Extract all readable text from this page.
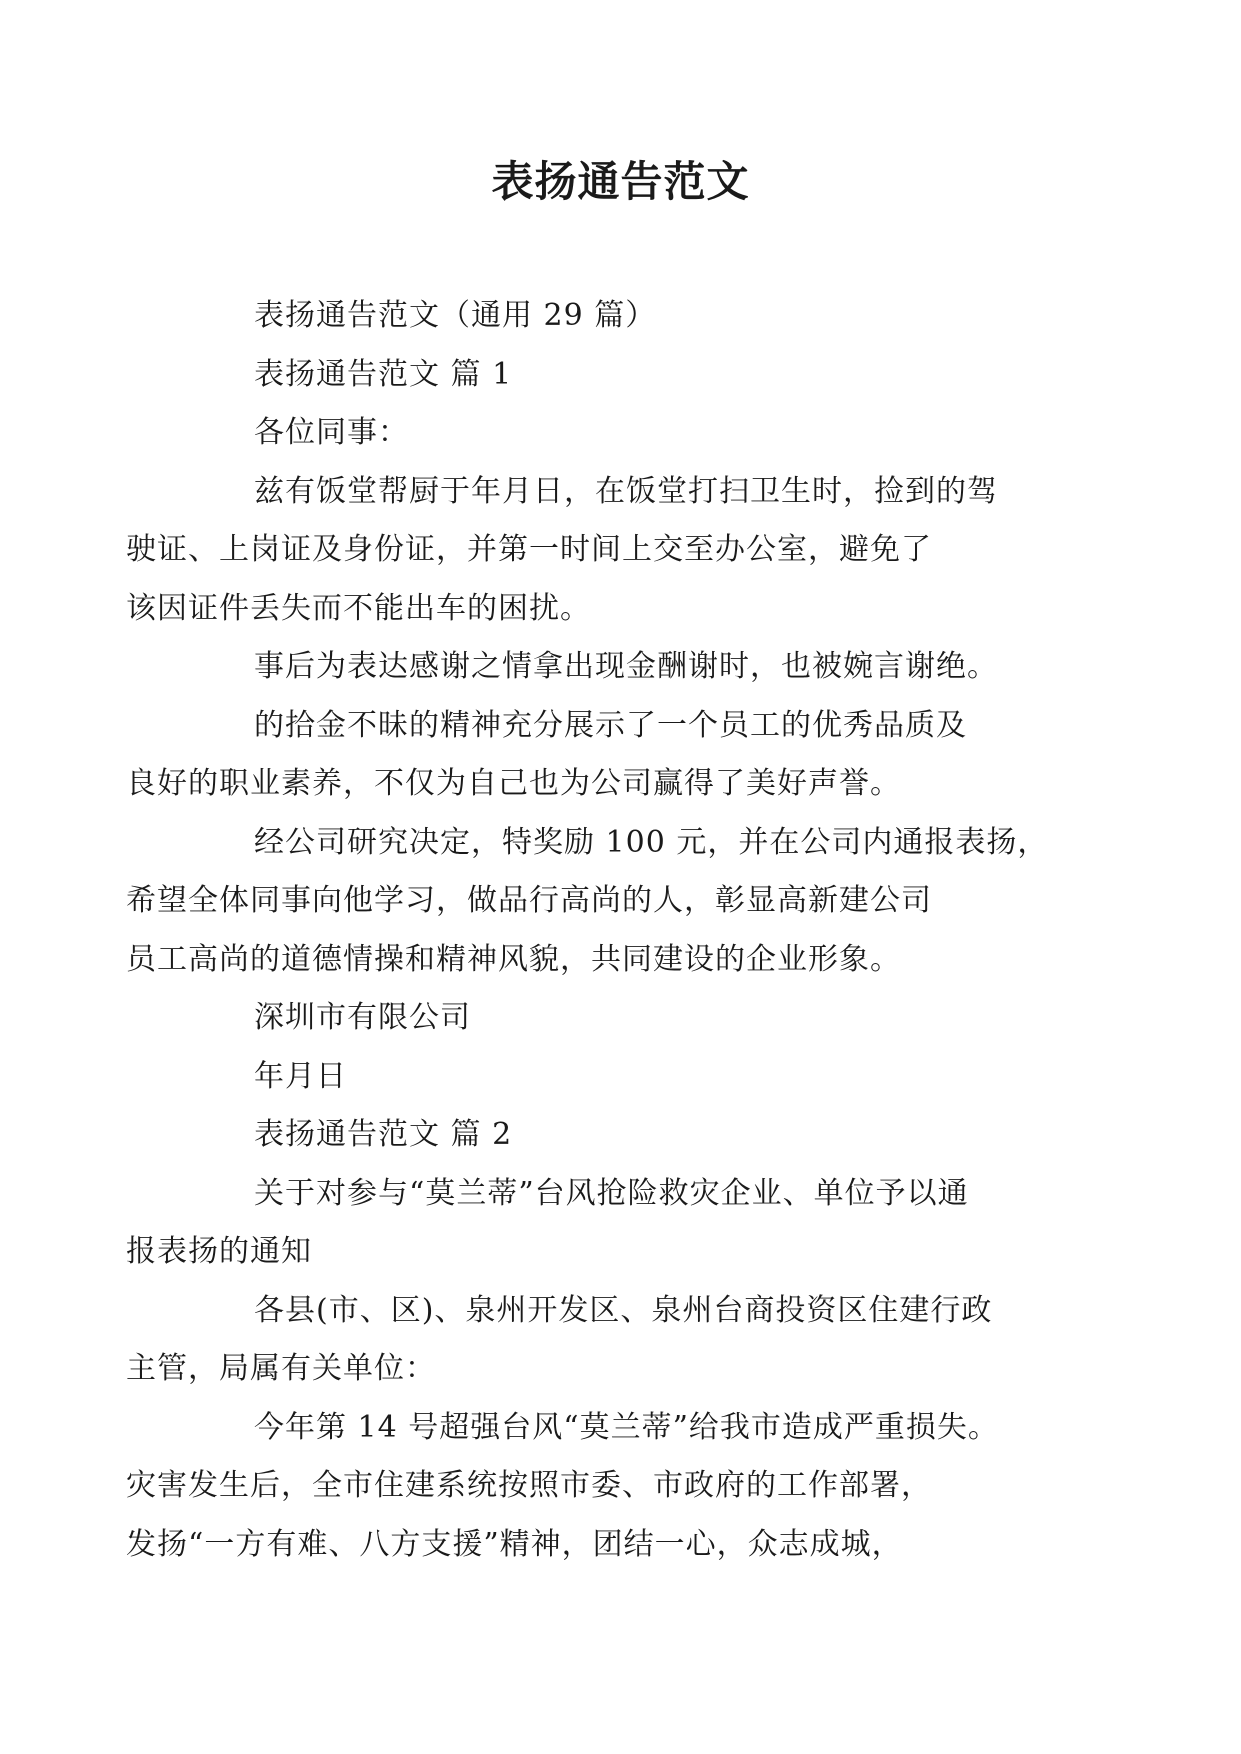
表扬通告范文

表扬通告范文（通用 29 篇）

表扬通告范文 篇 1

各位同事：

兹有饭堂帮厨于年月日，在饭堂打扫卫生时，捡到的驾
驶证、上岗证及身份证，并第一时间上交至办公室，避免了
该因证件丢失而不能出车的困扰。

事后为表达感谢之情拿出现金酬谢时，也被婉言谢绝。

的拾金不昧的精神充分展示了一个员工的优秀品质及
良好的职业素养，不仅为自己也为公司赢得了美好声誉。

经公司研究决定，特奖励 100 元，并在公司内通报表扬，
希望全体同事向他学习，做品行高尚的人，彰显高新建公司
员工高尚的道德情操和精神风貌，共同建设的企业形象。

深圳市有限公司

年月日

表扬通告范文 篇 2

关于对参与“莫兰蒂”台风抢险救灾企业、单位予以通
报表扬的通知

各县(市、区)、泉州开发区、泉州台商投资区住建行政
主管，局属有关单位：

今年第 14 号超强台风“莫兰蒂”给我市造成严重损失。
灾害发生后，全市住建系统按照市委、市政府的工作部署，
发扬“一方有难、八方支援”精神，团结一心，众志成城，
